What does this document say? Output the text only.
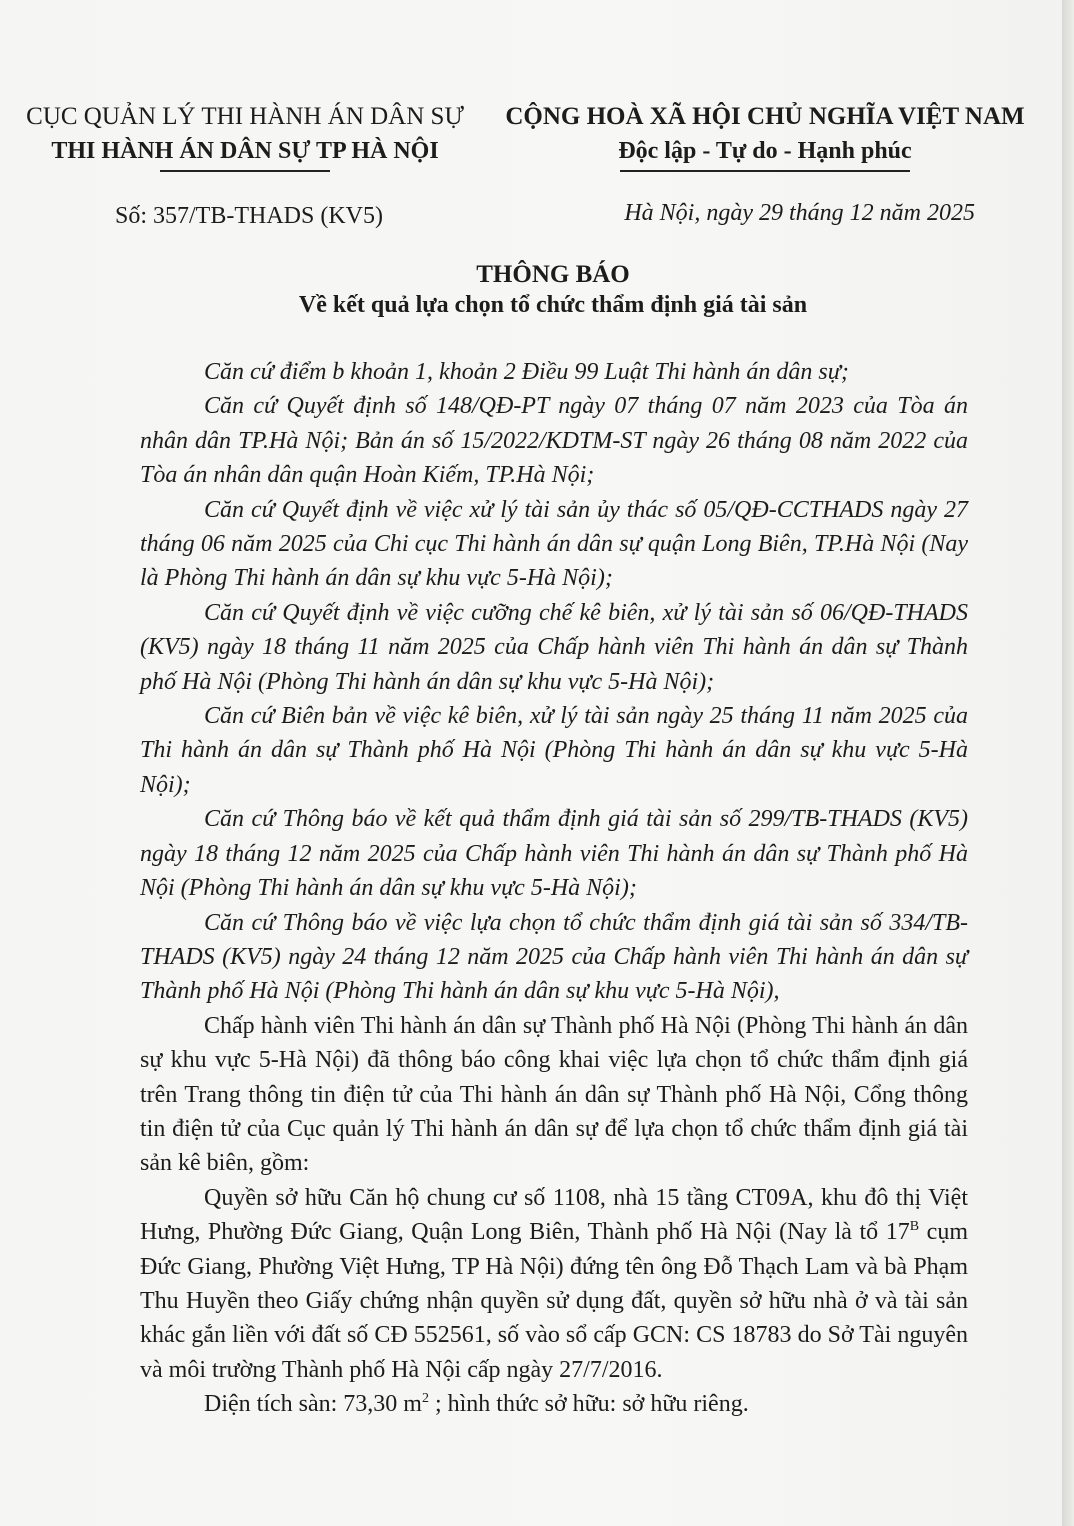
CỤC QUẢN LÝ THI HÀNH ÁN DÂN SỰ
THI HÀNH ÁN DÂN SỰ TP HÀ NỘI
CỘNG HOÀ XÃ HỘI CHỦ NGHĨA VIỆT NAM
Độc lập - Tự do - Hạnh phúc
Số: 357/TB-THADS (KV5)	Hà Nội, ngày 29 tháng 12 năm 2025
THÔNG BÁO
Về kết quả lựa chọn tổ chức thẩm định giá tài sản

Căn cứ điểm b khoản 1, khoản 2 Điều 99 Luật Thi hành án dân sự;

Căn cứ Quyết định số 148/QĐ-PT ngày 07 tháng 07 năm 2023 của Tòa án nhân dân TP.Hà Nội; Bản án số 15/2022/KDTM-ST ngày 26 tháng 08 năm 2022 của Tòa án nhân dân quận Hoàn Kiếm, TP.Hà Nội;

Căn cứ Quyết định về việc xử lý tài sản ủy thác số 05/QĐ-CCTHADS ngày 27 tháng 06 năm 2025 của Chi cục Thi hành án dân sự quận Long Biên, TP.Hà Nội (Nay là Phòng Thi hành án dân sự khu vực 5-Hà Nội);

Căn cứ Quyết định về việc cưỡng chế kê biên, xử lý tài sản số 06/QĐ-THADS (KV5) ngày 18 tháng 11 năm 2025 của Chấp hành viên Thi hành án dân sự Thành phố Hà Nội (Phòng Thi hành án dân sự khu vực 5-Hà Nội);

Căn cứ Biên bản về việc kê biên, xử lý tài sản ngày 25 tháng 11 năm 2025 của Thi hành án dân sự Thành phố Hà Nội (Phòng Thi hành án dân sự khu vực 5-Hà Nội);

Căn cứ Thông báo về kết quả thẩm định giá tài sản số 299/TB-THADS (KV5) ngày 18 tháng 12 năm 2025 của Chấp hành viên Thi hành án dân sự Thành phố Hà Nội (Phòng Thi hành án dân sự khu vực 5-Hà Nội);

Căn cứ Thông báo về việc lựa chọn tổ chức thẩm định giá tài sản số 334/TB-THADS (KV5) ngày 24 tháng 12 năm 2025 của Chấp hành viên Thi hành án dân sự Thành phố Hà Nội (Phòng Thi hành án dân sự khu vực 5-Hà Nội),

Chấp hành viên Thi hành án dân sự Thành phố Hà Nội (Phòng Thi hành án dân sự khu vực 5-Hà Nội) đã thông báo công khai việc lựa chọn tổ chức thẩm định giá trên Trang thông tin điện tử của Thi hành án dân sự Thành phố Hà Nội, Cổng thông tin điện tử của Cục quản lý Thi hành án dân sự để lựa chọn tổ chức thẩm định giá tài sản kê biên, gồm:

Quyền sở hữu Căn hộ chung cư số 1108, nhà 15 tầng CT09A, khu đô thị Việt Hưng, Phường Đức Giang, Quận Long Biên, Thành phố Hà Nội (Nay là tổ $17^B$ cụm Đức Giang, Phường Việt Hưng, TP Hà Nội) đứng tên ông Đỗ Thạch Lam và bà Phạm Thu Huyền theo Giấy chứng nhận quyền sử dụng đất, quyền sở hữu nhà ở và tài sản khác gắn liền với đất số CĐ 552561, số vào sổ cấp GCN: CS 18783 do Sở Tài nguyên và môi trường Thành phố Hà Nội cấp ngày 27/7/2016.

Diện tích sàn: 73,30 $m^2$ ; hình thức sở hữu: sở hữu riêng.
